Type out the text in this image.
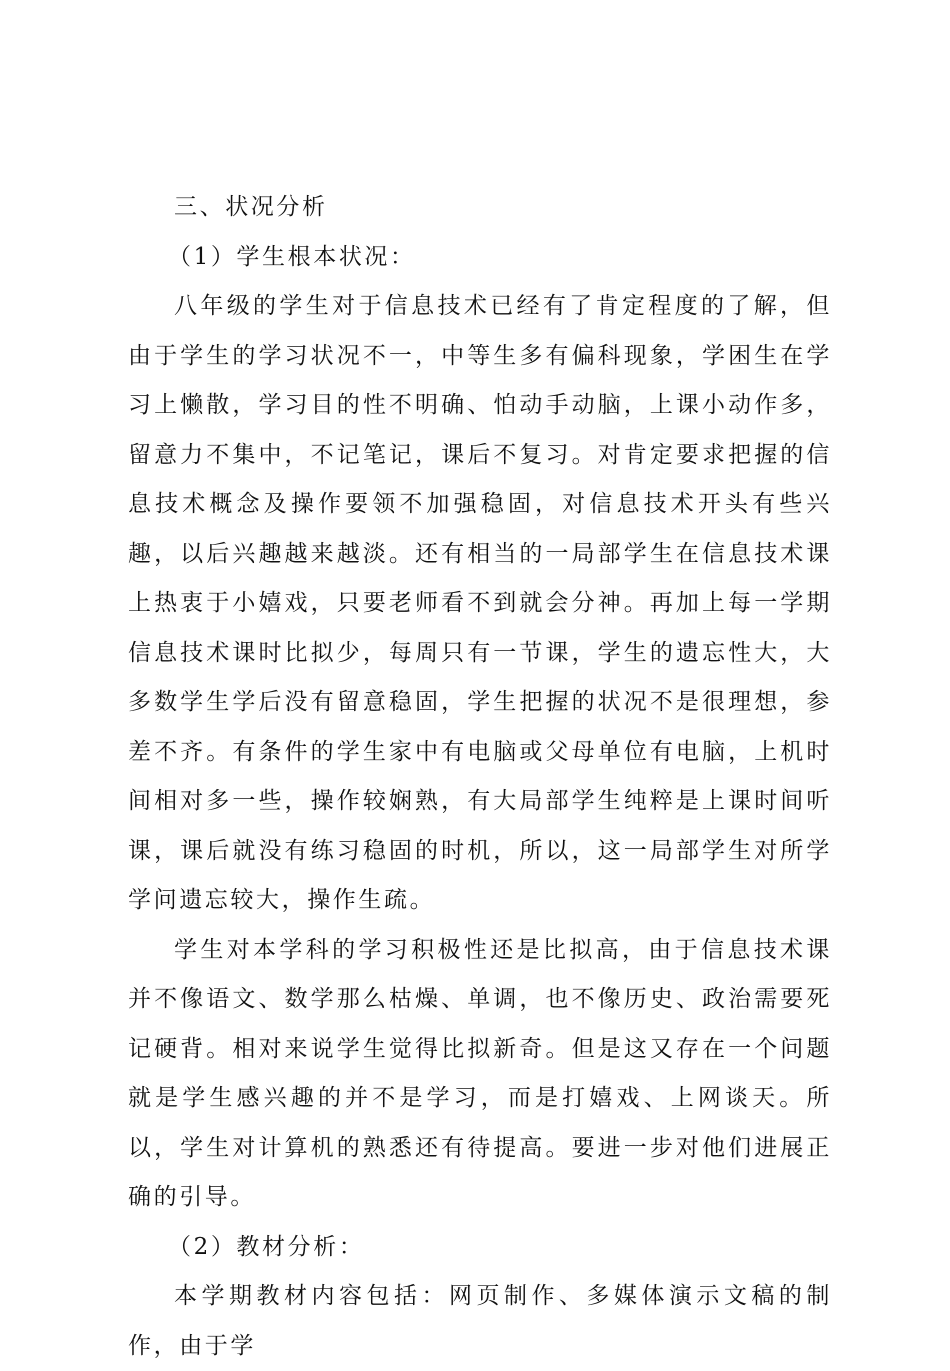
三、状况分析
（1）学生根本状况：
八年级的学生对于信息技术已经有了肯定程度的了解，但由于学生的学习状况不一，中等生多有偏科现象，学困生在学习上懒散，学习目的性不明确、怕动手动脑，上课小动作多，留意力不集中，不记笔记，课后不复习。对肯定要求把握的信息技术概念及操作要领不加强稳固，对信息技术开头有些兴趣，以后兴趣越来越淡。还有相当的一局部学生在信息技术课上热衷于小嬉戏，只要老师看不到就会分神。再加上每一学期信息技术课时比拟少，每周只有一节课，学生的遗忘性大，大多数学生学后没有留意稳固，学生把握的状况不是很理想，参差不齐。有条件的学生家中有电脑或父母单位有电脑，上机时间相对多一些，操作较娴熟，有大局部学生纯粹是上课时间听课，课后就没有练习稳固的时机，所以，这一局部学生对所学学问遗忘较大，操作生疏。
学生对本学科的学习积极性还是比拟高，由于信息技术课并不像语文、数学那么枯燥、单调，也不像历史、政治需要死记硬背。相对来说学生觉得比拟新奇。但是这又存在一个问题就是学生感兴趣的并不是学习，而是打嬉戏、上网谈天。所以，学生对计算机的熟悉还有待提高。要进一步对他们进展正确的引导。
（2）教材分析：
本学期教材内容包括：网页制作、多媒体演示文稿的制作，由于学
